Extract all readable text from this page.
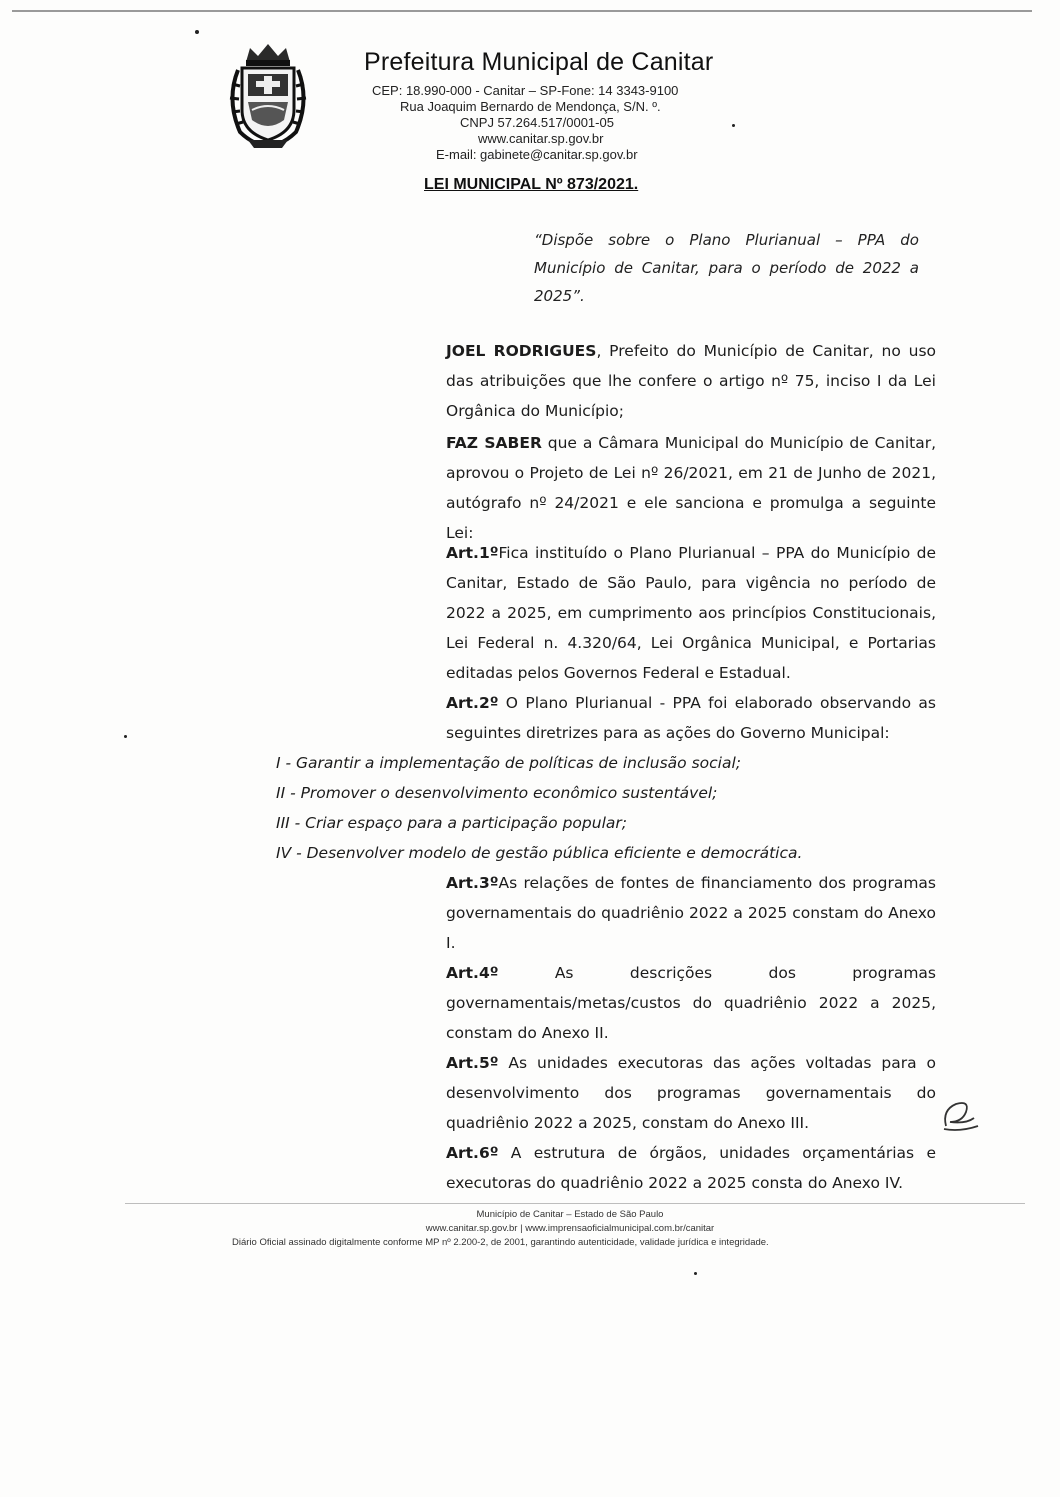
Prefeitura Municipal de Canitar
CEP: 18.990-000 - Canitar – SP-Fone: 14 3343-9100
Rua Joaquim Bernardo de Mendonça, S/N. º.
CNPJ 57.264.517/0001-05
www.canitar.sp.gov.br
E-mail: gabinete@canitar.sp.gov.br
LEI MUNICIPAL Nº 873/2021.
“Dispõe sobre o Plano Plurianual – PPA do Município de Canitar, para o período de 2022 a 2025”.

JOEL RODRIGUES, Prefeito do Município de Canitar, no uso das atribuições que lhe confere o artigo nº 75, inciso I da Lei Orgânica do Município;

FAZ SABER que a Câmara Municipal do Município de Canitar, aprovou o Projeto de Lei nº 26/2021, em 21 de Junho de 2021, autógrafo nº 24/2021 e ele sanciona e promulga a seguinte Lei:

Art.1ºFica instituído o Plano Plurianual – PPA do Município de Canitar, Estado de São Paulo, para vigência no período de 2022 a 2025, em cumprimento aos princípios Constitucionais, Lei Federal n. 4.320/64, Lei Orgânica Municipal, e Portarias editadas pelos Governos Federal e Estadual.

Art.2º O Plano Plurianual - PPA foi elaborado observando as seguintes diretrizes para as ações do Governo Municipal:

I - Garantir a implementação de políticas de inclusão social;

II - Promover o desenvolvimento econômico sustentável;

III - Criar espaço para a participação popular;

IV - Desenvolver modelo de gestão pública eficiente e democrática.

Art.3ºAs relações de fontes de financiamento dos programas governamentais do quadriênio 2022 a 2025 constam do Anexo I.

Art.4º As descrições dos programas governamentais/metas/custos do quadriênio 2022 a 2025, constam do Anexo II.

Art.5º As unidades executoras das ações voltadas para o desenvolvimento dos programas governamentais do quadriênio 2022 a 2025, constam do Anexo III.

Art.6º A estrutura de órgãos, unidades orçamentárias e executoras do quadriênio 2022 a 2025 consta do Anexo IV.

Município de Canitar – Estado de São Paulo
www.canitar.sp.gov.br | www.imprensaoficialmunicipal.com.br/canitar
Diário Oficial assinado digitalmente conforme MP nº 2.200-2, de 2001, garantindo autenticidade, validade jurídica e integridade.
